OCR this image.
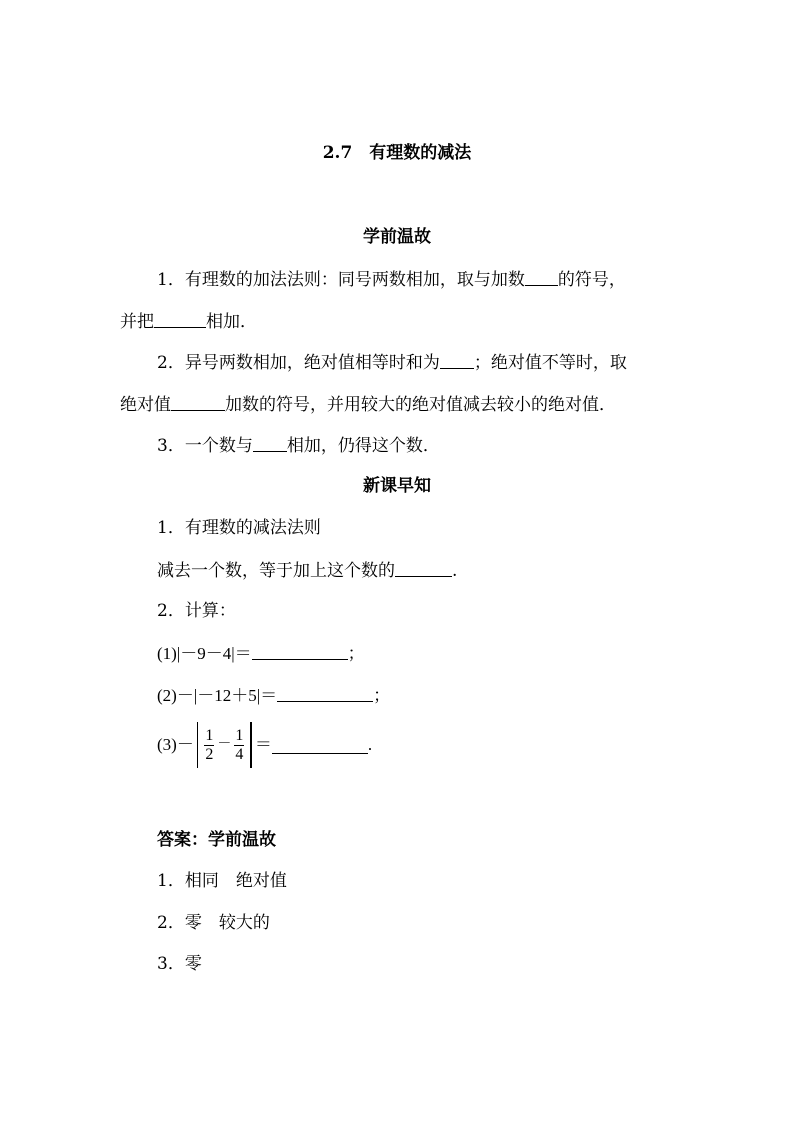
2.7　有理数的减法
学前温故
1．有理数的加法法则：同号两数相加，取与加数 的符号，
并把	相加．
2．异号两数相加，绝对值相等时和为 ；绝对值不等时，取
绝对值	加数的符号，并用较大的绝对值减去较小的绝对值．
3．一个数与 相加，仍得这个数．
新课早知
1．有理数的减法法则
减去一个数，等于加上这个数的	.
2．计算：
(1)|－9－4|＝	；
(2)－|－12＋5|＝	；
$(3)- \frac{1}{2} - \frac{1}{4}$ ＝	.
答案：学前温故
1．相同　绝对值
2．零　较大的
3．零
